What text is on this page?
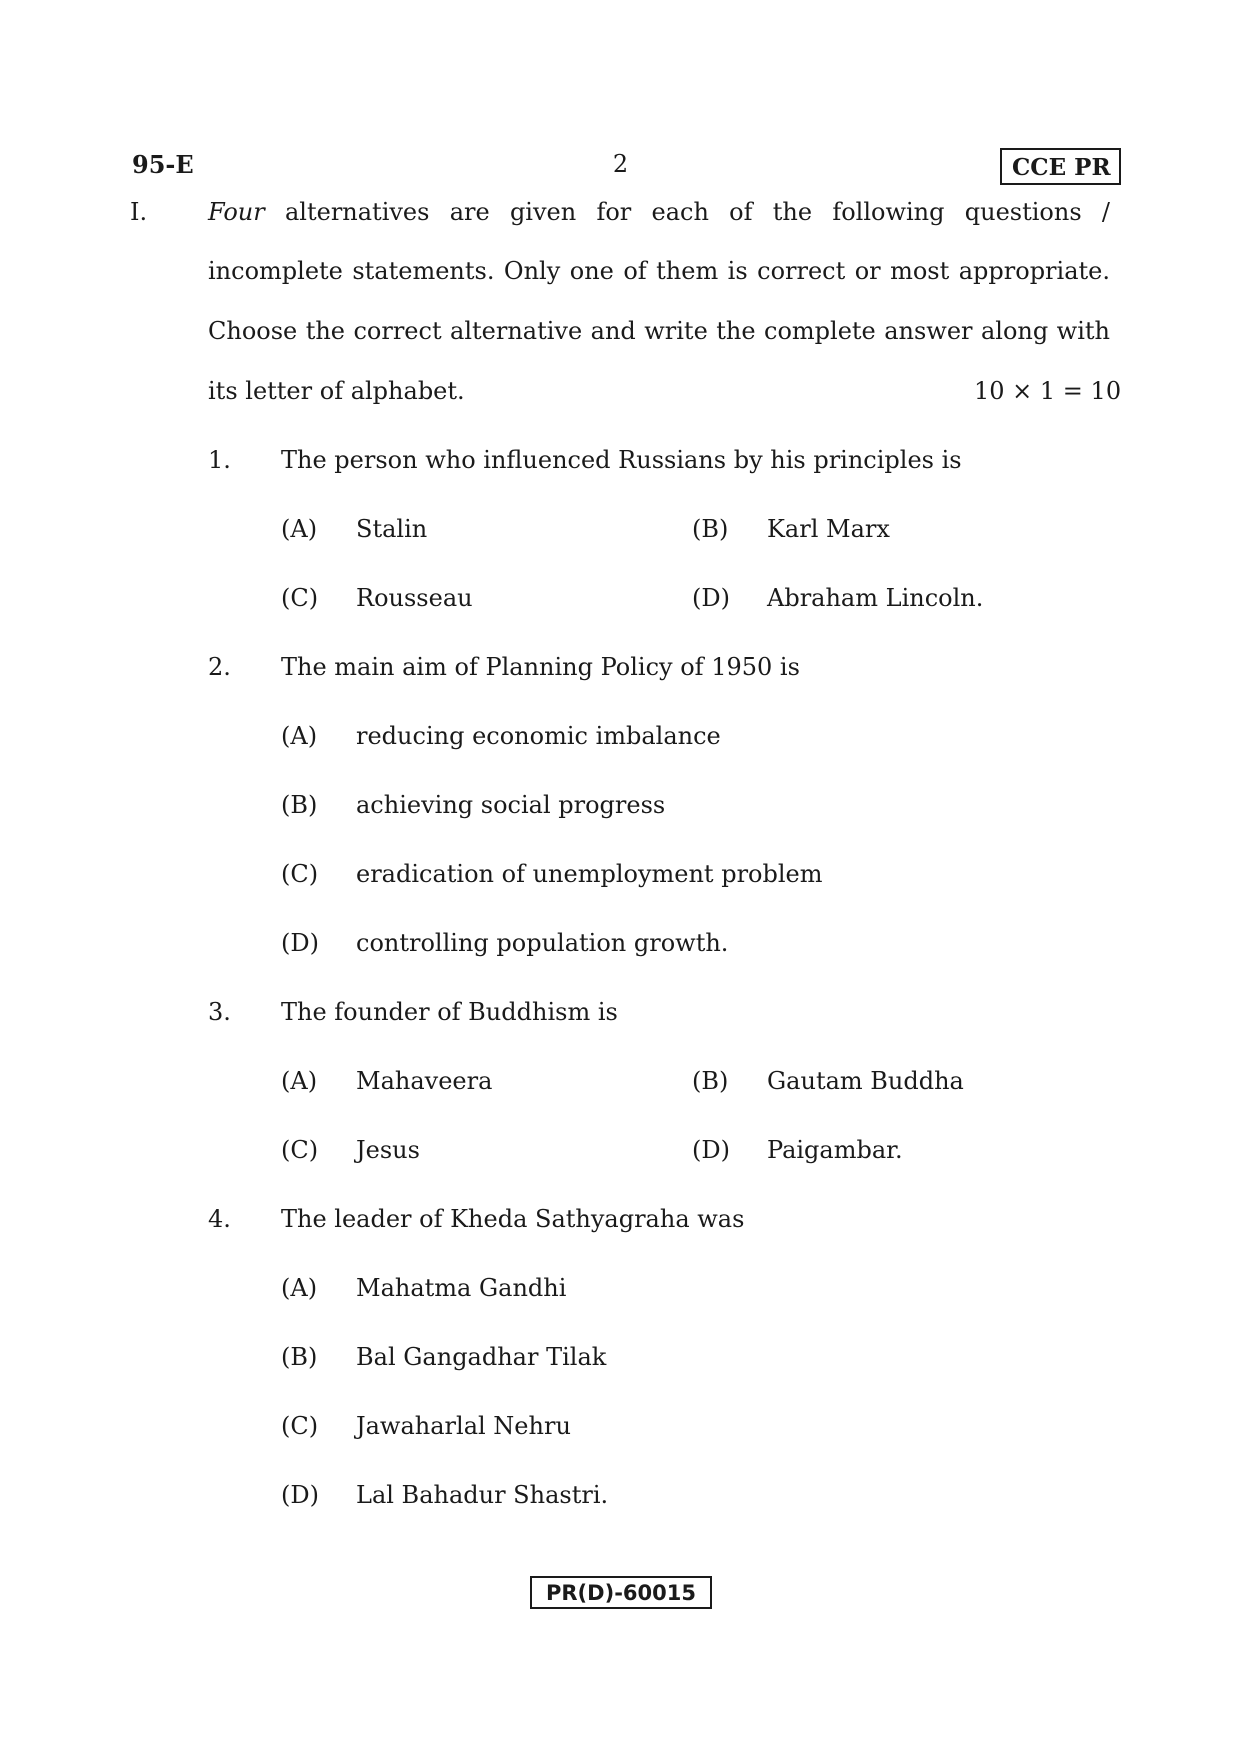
95-E	2	CCE PR
I.	Four alternatives are given for each of the following questions /
incomplete statements. Only one of them is correct or most appropriate.
Choose the correct alternative and write the complete answer along with
its letter of alphabet.	10 × 1 = 10
1. The person who influenced Russians by his principles is
(A) Stalin	(B) Karl Marx
(C) Rousseau	(D) Abraham Lincoln.
2. The main aim of Planning Policy of 1950 is
(A) reducing economic imbalance
(B) achieving social progress
(C) eradication of unemployment problem
(D) controlling population growth.
3. The founder of Buddhism is
(A) Mahaveera	(B) Gautam Buddha
(C) Jesus	(D) Paigambar.
4. The leader of Kheda Sathyagraha was
(A) Mahatma Gandhi
(B) Bal Gangadhar Tilak
(C) Jawaharlal Nehru
(D) Lal Bahadur Shastri.
PR(D)-60015
